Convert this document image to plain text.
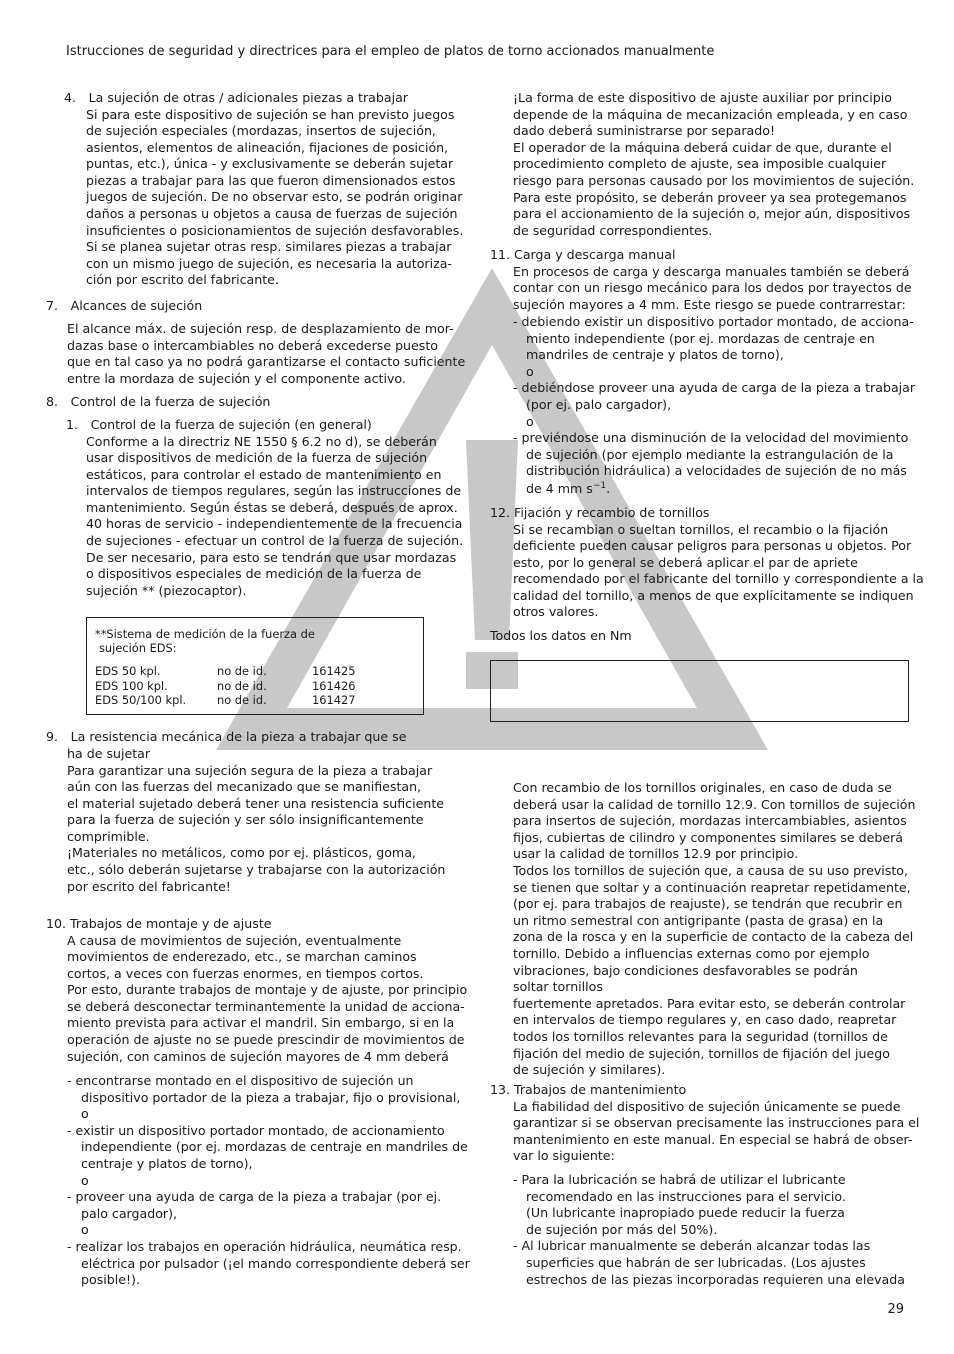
Istrucciones de seguridad y directrices para el empleo de platos de torno accionados manualmente
4. La sujeción de otras / adicionales piezas a trabajar
Si para este dispositivo de sujeción se han previsto juegos
de sujeción especiales (mordazas, insertos de sujeción,
asientos, elementos de alineación, fijaciones de posición,
puntas, etc.), única - y exclusivamente se deberán sujetar
piezas a trabajar para las que fueron dimensionados estos
juegos de sujeción. De no observar esto, se podrán originar
daños a personas u objetos a causa de fuerzas de sujeción
insuficientes o posicionamientos de sujeción desfavorables.
Si se planea sujetar otras resp. similares piezas a trabajar
con un mismo juego de sujeción, es necesaria la autoriza-
ción por escrito del fabricante.
7. Alcances de sujeción
El alcance máx. de sujeción resp. de desplazamiento de mor-
dazas base o intercambiables no deberá excederse puesto
que en tal caso ya no podrá garantizarse el contacto suficiente
entre la mordaza de sujeción y el componente activo.
8. Control de la fuerza de sujeción
1. Control de la fuerza de sujeción (en general)
Conforme a la directriz NE 1550 § 6.2 no d), se deberán
usar dispositivos de medición de la fuerza de sujeción
estáticos, para controlar el estado de mantenimiento en
intervalos de tiempos regulares, según las instrucciones de
mantenimiento. Según éstas se deberá, después de aprox.
40 horas de servicio - independientemente de la frecuencia
de sujeciones - efectuar un control de la fuerza de sujeción.
De ser necesario, para esto se tendrán que usar mordazas
o dispositivos especiales de medición de la fuerza de
sujeción ** (piezocaptor).
**Sistema de medición de la fuerza de
sujeción EDS:
EDS 50 kpl.	no de id.	161425
EDS 100 kpl.	no de id.	161426
EDS 50/100 kpl.	no de id.	161427
9. La resistencia mecánica de la pieza a trabajar que se
ha de sujetar
Para garantizar una sujeción segura de la pieza a trabajar
aún con las fuerzas del mecanizado que se manifiestan,
el material sujetado deberá tener una resistencia suficiente
para la fuerza de sujeción y ser sólo insignificantemente
comprimible.
¡Materiales no metálicos, como por ej. plásticos, goma,
etc., sólo deberán sujetarse y trabajarse con la autorización
por escrito del fabricante!
10. Trabajos de montaje y de ajuste
A causa de movimientos de sujeción, eventualmente
movimientos de enderezado, etc., se marchan caminos
cortos, a veces con fuerzas enormes, en tiempos cortos.
Por esto, durante trabajos de montaje y de ajuste, por principio
se deberá desconectar terminantemente la unidad de acciona-
miento prevista para activar el mandril. Sin embargo, si en la
operación de ajuste no se puede prescindir de movimientos de
sujeción, con caminos de sujeción mayores de 4 mm deberá
- encontrarse montado en el dispositivo de sujeción un
dispositivo portador de la pieza a trabajar, fijo o provisional,
o
- existir un dispositivo portador montado, de accionamiento
independiente (por ej. mordazas de centraje en mandriles de
centraje y platos de torno),
o
- proveer una ayuda de carga de la pieza a trabajar (por ej.
palo cargador),
o
- realizar los trabajos en operación hidráulica, neumática resp.
eléctrica por pulsador (¡el mando correspondiente deberá ser
posible!).
¡La forma de este dispositivo de ajuste auxiliar por principio
depende de la máquina de mecanización empleada, y en caso
dado deberá suministrarse por separado!
El operador de la máquina deberá cuidar de que, durante el
procedimiento completo de ajuste, sea imposible cualquier
riesgo para personas causado por los movimientos de sujeción.
Para este propósito, se deberán proveer ya sea protegemanos
para el accionamiento de la sujeción o, mejor aún, dispositivos
de seguridad correspondientes.
11. Carga y descarga manual
En procesos de carga y descarga manuales también se deberá
contar con un riesgo mecánico para los dedos por trayectos de
sujeción mayores a 4 mm. Este riesgo se puede contrarrestar:
- debiendo existir un dispositivo portador montado, de acciona-
miento independiente (por ej. mordazas de centraje en
mandriles de centraje y platos de torno),
o
- debiéndose proveer una ayuda de carga de la pieza a trabajar
(por ej. palo cargador),
o
- previéndose una disminución de la velocidad del movimiento
de sujeción (por ejemplo mediante la estrangulación de la
distribución hidráulica) a velocidades de sujeción de no más
de 4 mm $s^{-1}$.
12. Fijación y recambio de tornillos
Si se recambian o sueltan tornillos, el recambio o la fijación
deficiente pueden causar peligros para personas u objetos. Por
esto, por lo general se deberá aplicar el par de apriete
recomendado por el fabricante del tornillo y correspondiente a la
calidad del tornillo, a menos de que explícitamente se indiquen
otros valores.
Todos los datos en Nm
Con recambio de los tornillos originales, en caso de duda se
deberá usar la calidad de tornillo 12.9. Con tornillos de sujeción
para insertos de sujeción, mordazas intercambiables, asientos
fijos, cubiertas de cilindro y componentes similares se deberá
usar la calidad de tornillos 12.9 por principio.
Todos los tornillos de sujeción que, a causa de su uso previsto,
se tienen que soltar y a continuación reapretar repetidamente,
(por ej. para trabajos de reajuste), se tendrán que recubrir en
un ritmo semestral con antigripante (pasta de grasa) en la
zona de la rosca y en la superficie de contacto de la cabeza del
tornillo. Debido a influencias externas como por ejemplo
vibraciones, bajo condiciones desfavorables se podrán
soltar tornillos
fuertemente apretados. Para evitar esto, se deberán controlar
en intervalos de tiempo regulares y, en caso dado, reapretar
todos los tornillos relevantes para la seguridad (tornillos de
fijación del medio de sujeción, tornillos de fijación del juego
de sujeción y similares).
13. Trabajos de mantenimiento
La fiabilidad del dispositivo de sujeción únicamente se puede
garantizar si se observan precisamente las instrucciones para el
mantenimiento en este manual. En especial se habrá de obser-
var lo siguiente:
- Para la lubricación se habrá de utilizar el lubricante
recomendado en las instrucciones para el servicio.
(Un lubricante inapropiado puede reducir la fuerza
de sujeción por más del 50%).
- Al lubricar manualmente se deberán alcanzar todas las
superficies que habrán de ser lubricadas. (Los ajustes
estrechos de las piezas incorporadas requieren una elevada
29
